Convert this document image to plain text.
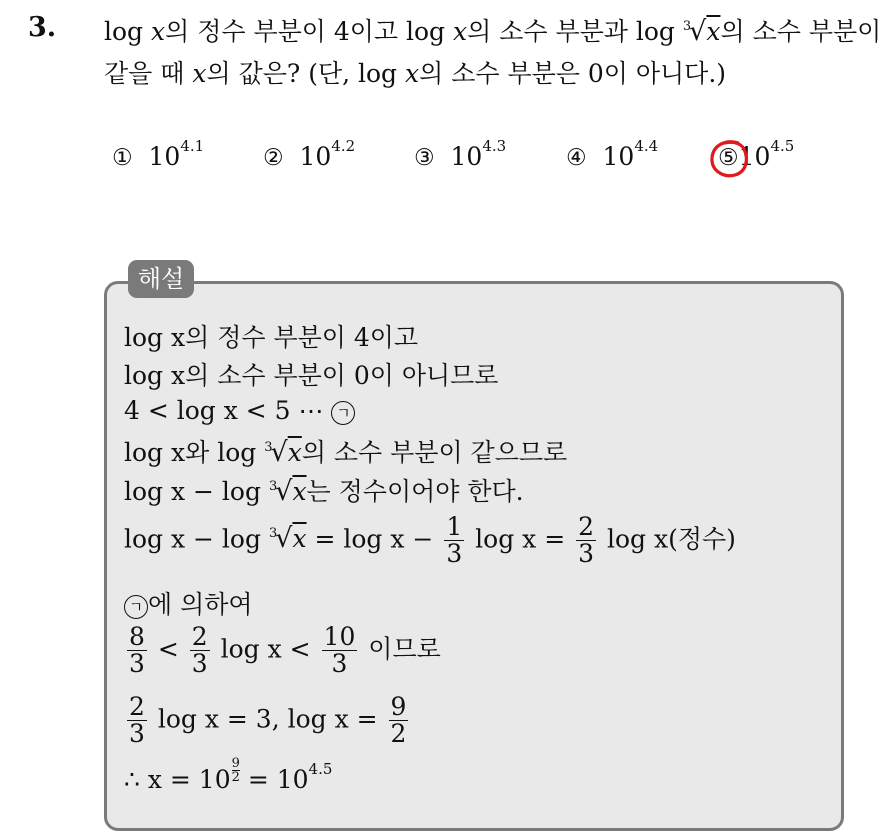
3. log x의 정수 부분이 4이고 log x의 소수 부분과 log $^3$√x의 소수 부분이
같을 때 x의 값은? (단, log x의 소수 부분은 0이 아니다.)
① $10^{4.1}$	② $10^{4.2}$	③ $10^{4.3}$	④ $10^{4.4}$	$⑤10^{4.5}$
해설
log x의 정수 부분이 4이고
log x의 소수 부분이 0이 아니므로
4 < log x < 5 ⋯ ㄱ
log x와 log $^3$√x의 소수 부분이 같으므로
log x − log $^3$√x는 정수이어야 한다.
$\log x - \log ^3√x = \log x - \frac{1}{3}$ $\log x = \frac{2}{3}$ log x(정수)
ㄱ 에 의하여
$\frac{8}{3} < \frac{2}{3}$ $\log x < \frac{10}{3}$ 이므로
$\frac{2}{3}$ log x = 3, $\log x = \frac{9}{2}$
∴ $x = 10 \frac{9}{2} = 10^{4.5}$
